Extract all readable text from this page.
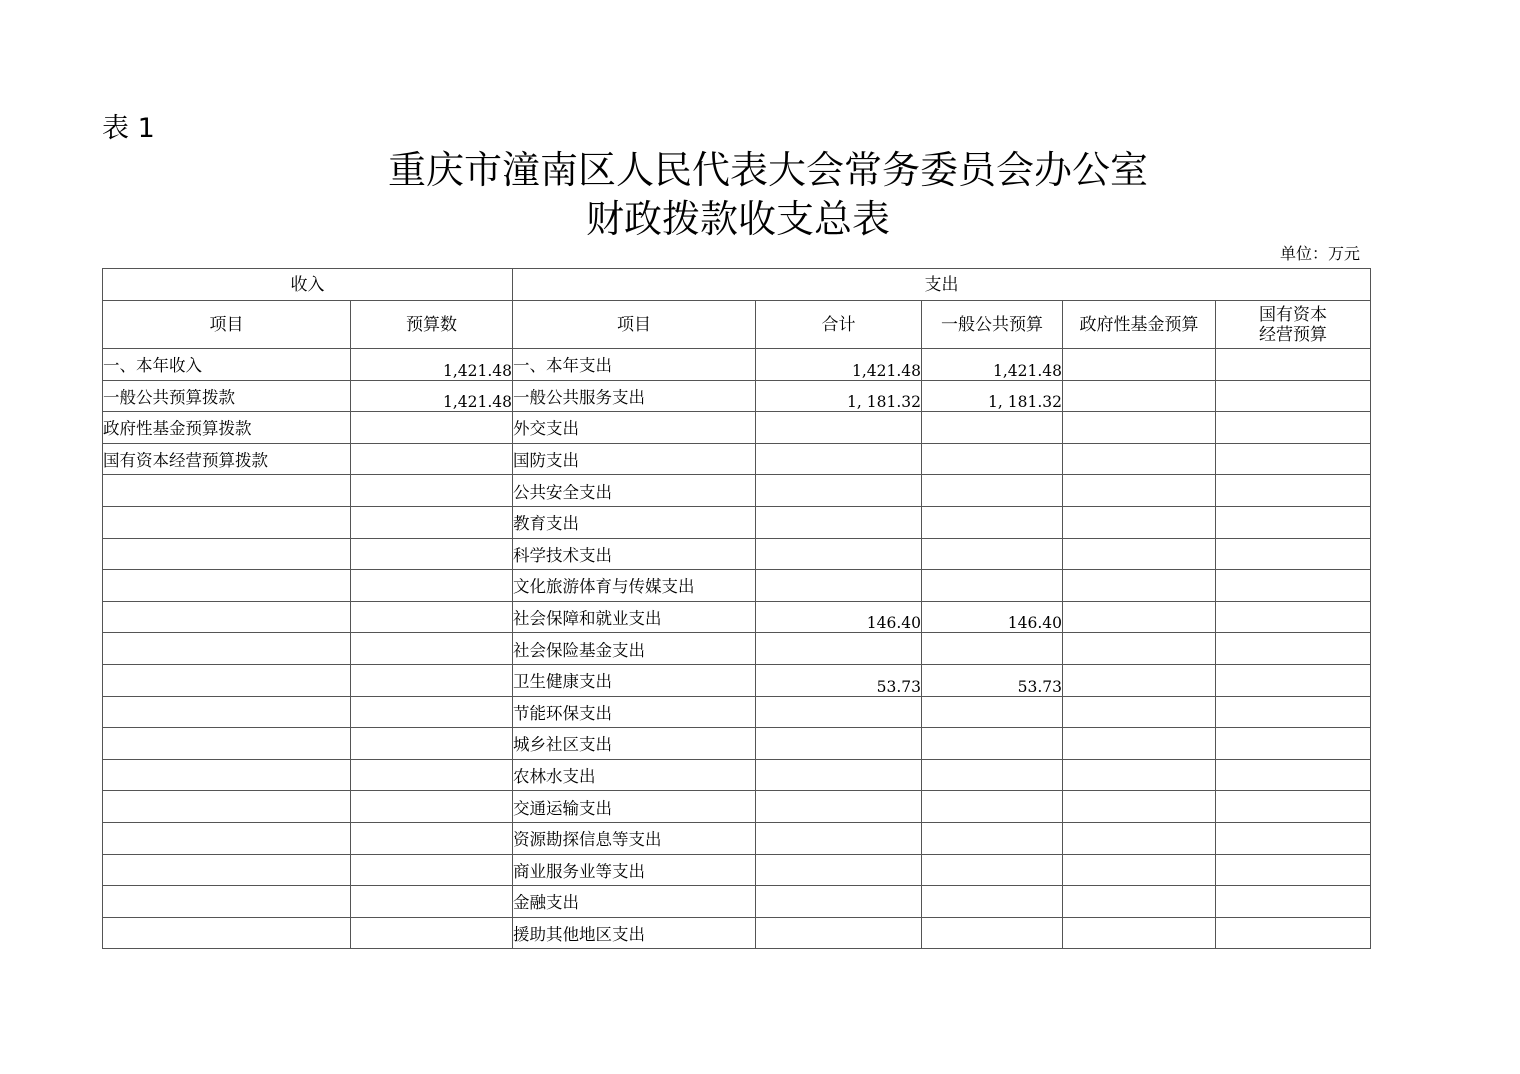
表 1
重庆市潼南区人民代表大会常务委员会办公室
财政拨款收支总表
单位：万元
收入		支出				
项目	预算数	项目	合计	一般公共预算	政府性基金预算	国有资本
经营预算
一、本年收入	1,421.48	一、本年支出	1,421.48	1,421.48		
一般公共预算拨款	1,421.48	一般公共服务支出	1, 181.32	1, 181.32		
政府性基金预算拨款		外交支出				
国有资本经营预算拨款		国防支出				
		公共安全支出				
		教育支出				
		科学技术支出				
		文化旅游体育与传媒支出				
		社会保障和就业支出	146.40	146.40		
		社会保险基金支出				
		卫生健康支出	53.73	53.73		
		节能环保支出				
		城乡社区支出				
		农林水支出				
		交通运输支出				
		资源勘探信息等支出				
		商业服务业等支出				
		金融支出				
		援助其他地区支出				
